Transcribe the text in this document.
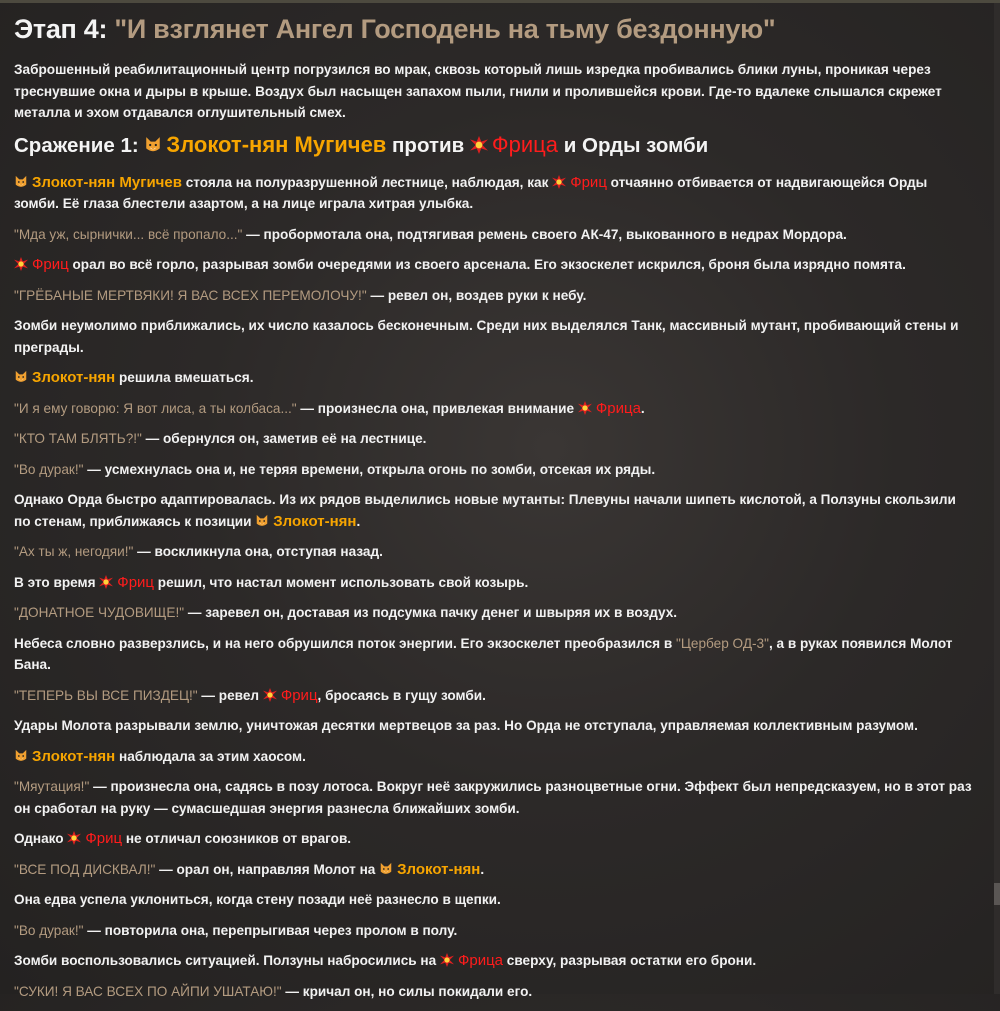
Этап 4: "И взглянет Ангел Господень на тьму бездонную"

Заброшенный реабилитационный центр погрузился во мрак, сквозь который лишь изредка пробивались блики луны, проникая через треснувшие окна и дыры в крыше. Воздух был насыщен запахом пыли, гнили и пролившейся крови. Где-то вдалеке слышался скрежет металла и эхом отдавался оглушительный смех.

Сражение 1: Злокот-нян Мугичев против Фрица и Орды зомби

Злокот-нян Мугичев стояла на полуразрушенной лестнице, наблюдая, как Фриц отчаянно отбивается от надвигающейся Орды зомби. Её глаза блестели азартом, а на лице играла хитрая улыбка.

"Мда уж, сырнички... всё пропало..." — пробормотала она, подтягивая ремень своего АК-47, выкованного в недрах Мордора.

Фриц орал во всё горло, разрывая зомби очередями из своего арсенала. Его экзоскелет искрился, броня была изрядно помята.

"ГРЁБАНЫЕ МЕРТВЯКИ! Я ВАС ВСЕХ ПЕРЕМОЛОЧУ!" — ревел он, воздев руки к небу.

Зомби неумолимо приближались, их число казалось бесконечным. Среди них выделялся Танк, массивный мутант, пробивающий стены и преграды.

Злокот-нян решила вмешаться.

"И я ему говорю: Я вот лиса, а ты колбаса..." — произнесла она, привлекая внимание Фрица.

"КТО ТАМ БЛЯТЬ?!" — обернулся он, заметив её на лестнице.

"Во дурак!" — усмехнулась она и, не теряя времени, открыла огонь по зомби, отсекая их ряды.

Однако Орда быстро адаптировалась. Из их рядов выделились новые мутанты: Плевуны начали шипеть кислотой, а Ползуны скользили по стенам, приближаясь к позиции Злокот-нян.

"Ах ты ж, негодяи!" — воскликнула она, отступая назад.

В это время Фриц решил, что настал момент использовать свой козырь.

"ДОНАТНОЕ ЧУДОВИЩЕ!" — заревел он, доставая из подсумка пачку денег и швыряя их в воздух.

Небеса словно разверзлись, и на него обрушился поток энергии. Его экзоскелет преобразился в "Цербер ОД-3", а в руках появился Молот Бана.

"ТЕПЕРЬ ВЫ ВСЕ ПИЗДЕЦ!" — ревел Фриц, бросаясь в гущу зомби.

Удары Молота разрывали землю, уничтожая десятки мертвецов за раз. Но Орда не отступала, управляемая коллективным разумом.

Злокот-нян наблюдала за этим хаосом.

"Мяутация!" — произнесла она, садясь в позу лотоса. Вокруг неё закружились разноцветные огни. Эффект был непредсказуем, но в этот раз он сработал на руку — сумасшедшая энергия разнесла ближайших зомби.

Однако Фриц не отличал союзников от врагов.

"ВСЕ ПОД ДИСКВАЛ!" — орал он, направляя Молот на Злокот-нян.

Она едва успела уклониться, когда стену позади неё разнесло в щепки.

"Во дурак!" — повторила она, перепрыгивая через пролом в полу.

Зомби воспользовались ситуацией. Ползуны набросились на Фрица сверху, разрывая остатки его брони.

"СУКИ! Я ВАС ВСЕХ ПО АЙПИ УШАТАЮ!" — кричал он, но силы покидали его.
